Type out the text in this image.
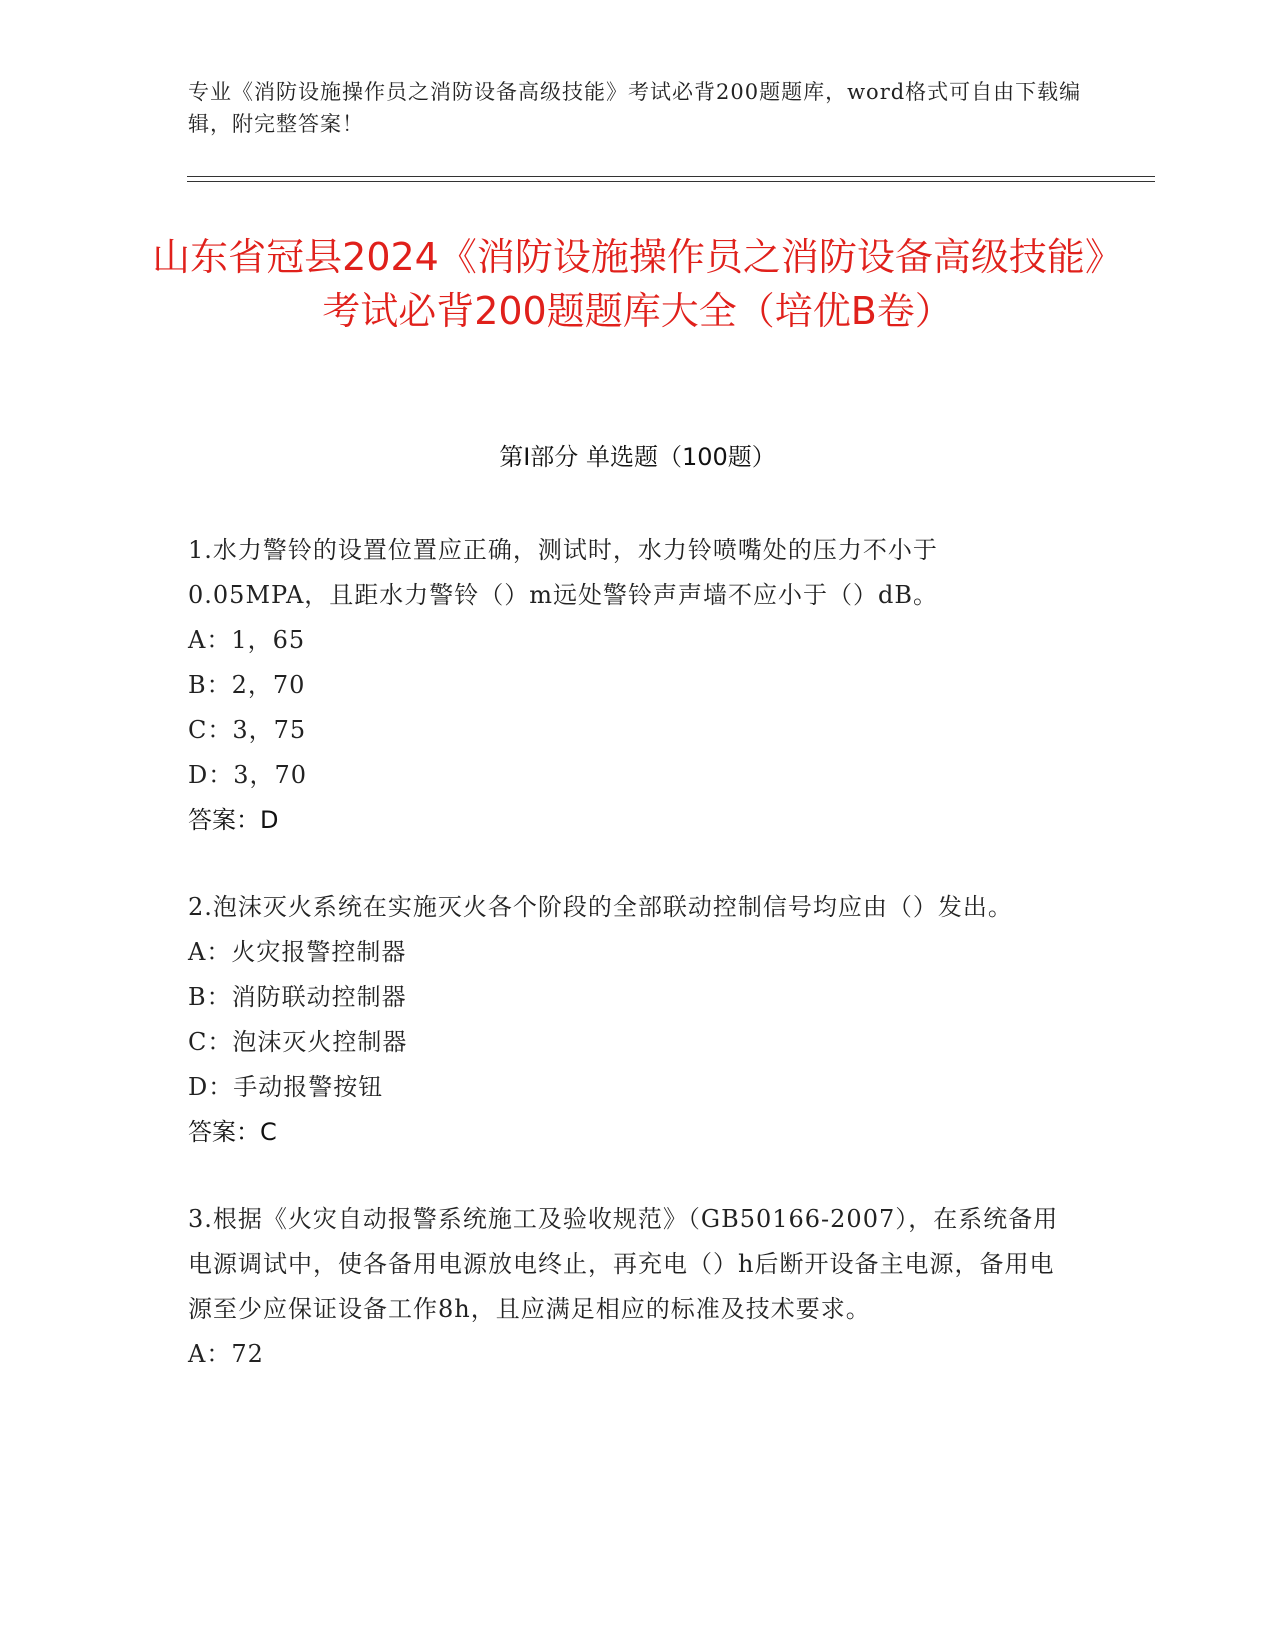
专业《消防设施操作员之消防设备高级技能》考试必背200题题库，word格式可自由下载编辑，附完整答案！
山东省冠县2024《消防设施操作员之消防设备高级技能》考试必背200题题库大全（培优B卷）
第Ⅰ部分 单选题（100题）
1.水力警铃的设置位置应正确，测试时，水力铃喷嘴处的压力不小于0.05MPA，且距水力警铃（）m远处警铃声声墙不应小于（）dB。
A：1，65
B：2，70
C：3，75
D：3，70
答案：D
2.泡沫灭火系统在实施灭火各个阶段的全部联动控制信号均应由（）发出。
A：火灾报警控制器
B：消防联动控制器
C：泡沫灭火控制器
D：手动报警按钮
答案：C
3.根据《火灾自动报警系统施工及验收规范》（GB50166-2007），在系统备用电源调试中，使各备用电源放电终止，再充电（）h后断开设备主电源，备用电源至少应保证设备工作8h，且应满足相应的标准及技术要求。
A：72
